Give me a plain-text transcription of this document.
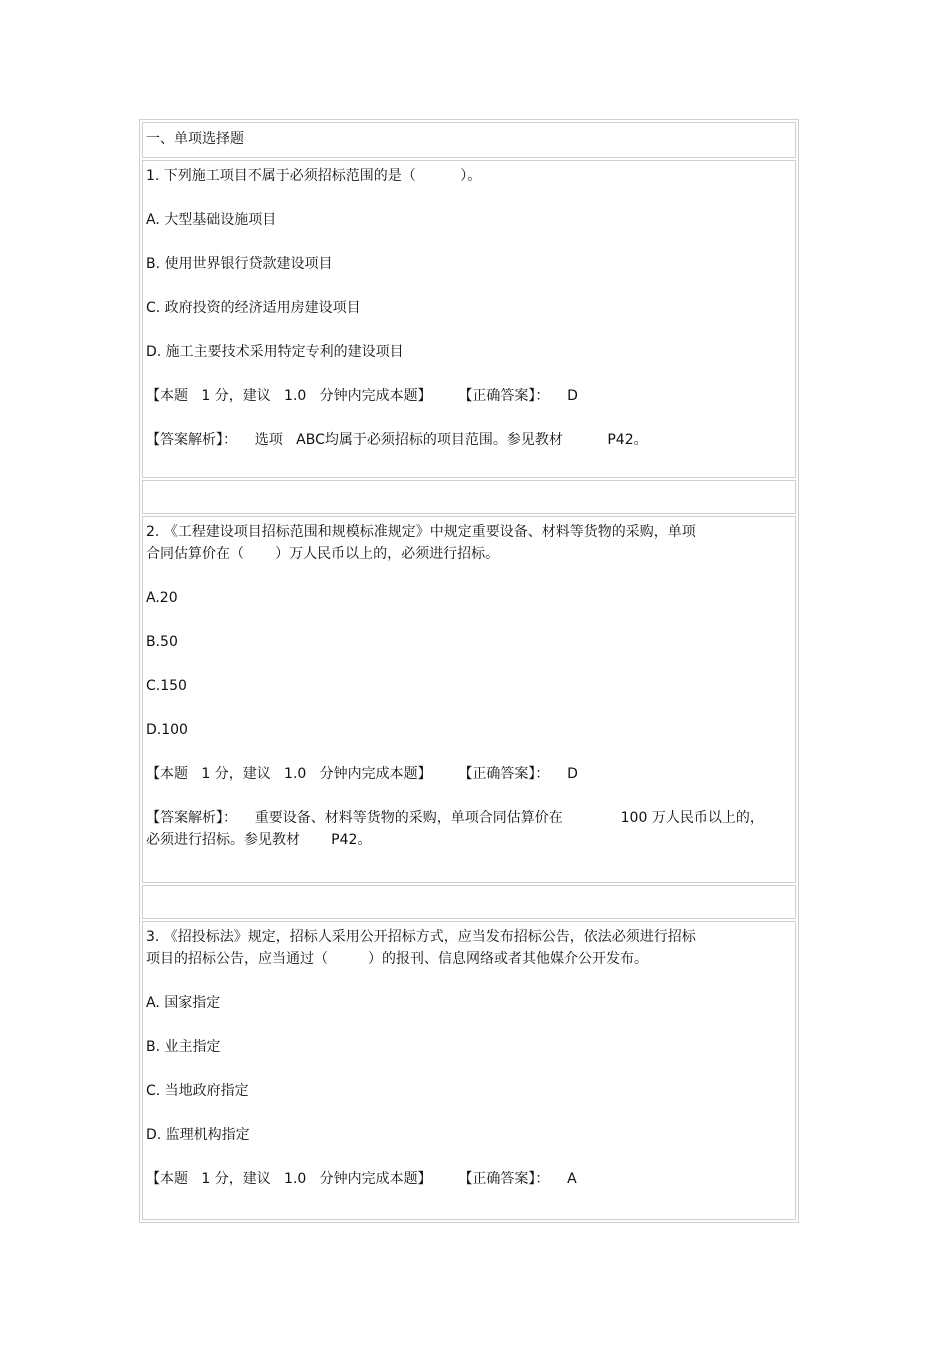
一、单项选择题

1. 下列施工项目不属于必须招标范围的是（          ）。

A. 大型基础设施项目

B. 使用世界银行贷款建设项目

C. 政府投资的经济适用房建设项目

D. 施工主要技术采用特定专利的建设项目

【本题   1 分，建议   1.0   分钟内完成本题】      【正确答案】：    D

【答案解析】：    选项   ABC均属于必须招标的项目范围。参见教材          P42。

2. 《工程建设项目招标范围和规模标准规定》中规定重要设备、材料等货物的采购，单项

合同估算价在（       ）万人民币以上的，必须进行招标。

A.20

B.50

C.150

D.100

【本题   1 分，建议   1.0   分钟内完成本题】      【正确答案】：    D

【答案解析】：    重要设备、材料等货物的采购，单项合同估算价在             100 万人民币以上的，

必须进行招标。参见教材       P42。

3. 《招投标法》规定，招标人采用公开招标方式，应当发布招标公告，依法必须进行招标

项目的招标公告，应当通过（         ）的报刊、信息网络或者其他媒介公开发布。

A. 国家指定

B. 业主指定

C. 当地政府指定

D. 监理机构指定

【本题   1 分，建议   1.0   分钟内完成本题】      【正确答案】：    A
